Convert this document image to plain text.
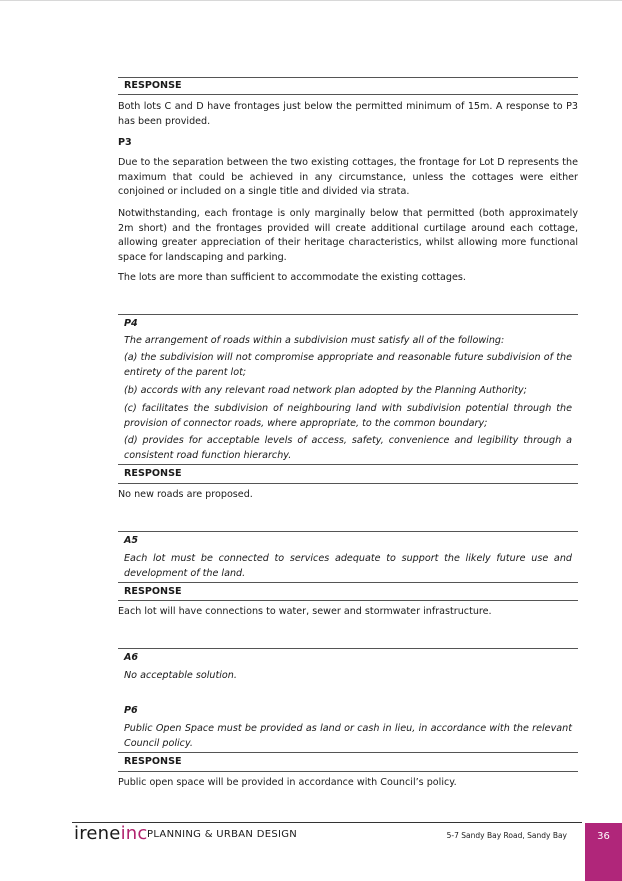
RESPONSE
Both lots C and D have frontages just below the permitted minimum of 15m. A response to P3 has been provided.
P3
Due to the separation between the two existing cottages, the frontage for Lot D represents the maximum that could be achieved in any circumstance, unless the cottages were either conjoined or included on a single title and divided via strata.
Notwithstanding, each frontage is only marginally below that permitted (both approximately 2m short) and the frontages provided will create additional curtilage around each cottage, allowing greater appreciation of their heritage characteristics, whilst allowing more functional space for landscaping and parking.
The lots are more than sufficient to accommodate the existing cottages.
P4
The arrangement of roads within a subdivision must satisfy all of the following:
(a) the subdivision will not compromise appropriate and reasonable future subdivision of the entirety of the parent lot;
(b) accords with any relevant road network plan adopted by the Planning Authority;
(c) facilitates the subdivision of neighbouring land with subdivision potential through the provision of connector roads, where appropriate, to the common boundary;
(d) provides for acceptable levels of access, safety, convenience and legibility through a consistent road function hierarchy.
RESPONSE
No new roads are proposed.
A5
Each lot must be connected to services adequate to support the likely future use and development of the land.
RESPONSE
Each lot will have connections to water, sewer and stormwater infrastructure.
A6
No acceptable solution.
P6
Public Open Space must be provided as land or cash in lieu, in accordance with the relevant Council policy.
RESPONSE
Public open space will be provided in accordance with Council’s policy.
ireneinc PLANNING & URBAN DESIGN	5-7 Sandy Bay Road, Sandy Bay	36
